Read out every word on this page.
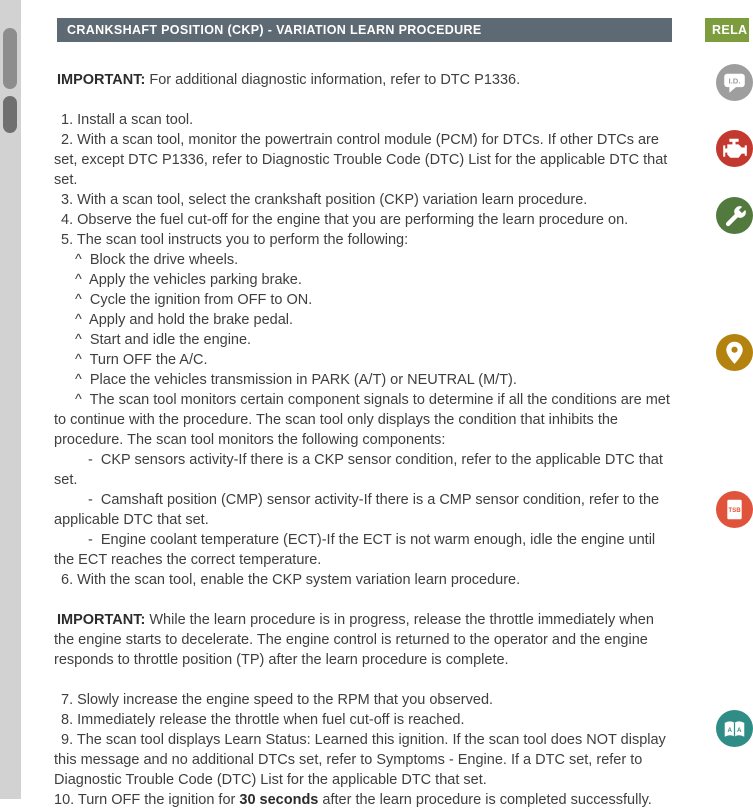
CRANKSHAFT POSITION (CKP) - VARIATION LEARN PROCEDURE
IMPORTANT: For additional diagnostic information, refer to DTC P1336.
1. Install a scan tool.
2. With a scan tool, monitor the powertrain control module (PCM) for DTCs. If other DTCs are set, except DTC P1336, refer to Diagnostic Trouble Code (DTC) List for the applicable DTC that set.
3. With a scan tool, select the crankshaft position (CKP) variation learn procedure.
4. Observe the fuel cut-off for the engine that you are performing the learn procedure on.
5. The scan tool instructs you to perform the following:
^  Block the drive wheels.
^  Apply the vehicles parking brake.
^  Cycle the ignition from OFF to ON.
^  Apply and hold the brake pedal.
^  Start and idle the engine.
^  Turn OFF the A/C.
^  Place the vehicles transmission in PARK (A/T) or NEUTRAL (M/T).
^  The scan tool monitors certain component signals to determine if all the conditions are met to continue with the procedure. The scan tool only displays the condition that inhibits the procedure. The scan tool monitors the following components:
-  CKP sensors activity-If there is a CKP sensor condition, refer to the applicable DTC that set.
-  Camshaft position (CMP) sensor activity-If there is a CMP sensor condition, refer to the applicable DTC that set.
-  Engine coolant temperature (ECT)-If the ECT is not warm enough, idle the engine until the ECT reaches the correct temperature.
6. With the scan tool, enable the CKP system variation learn procedure.
IMPORTANT: While the learn procedure is in progress, release the throttle immediately when the engine starts to decelerate. The engine control is returned to the operator and the engine responds to throttle position (TP) after the learn procedure is complete.
7. Slowly increase the engine speed to the RPM that you observed.
8. Immediately release the throttle when fuel cut-off is reached.
9. The scan tool displays Learn Status: Learned this ignition. If the scan tool does NOT display this message and no additional DTCs set, refer to Symptoms - Engine. If a DTC set, refer to Diagnostic Trouble Code (DTC) List for the applicable DTC that set.
10. Turn OFF the ignition for 30 seconds after the learn procedure is completed successfully.
RELA
I.D.
TSB
A A
